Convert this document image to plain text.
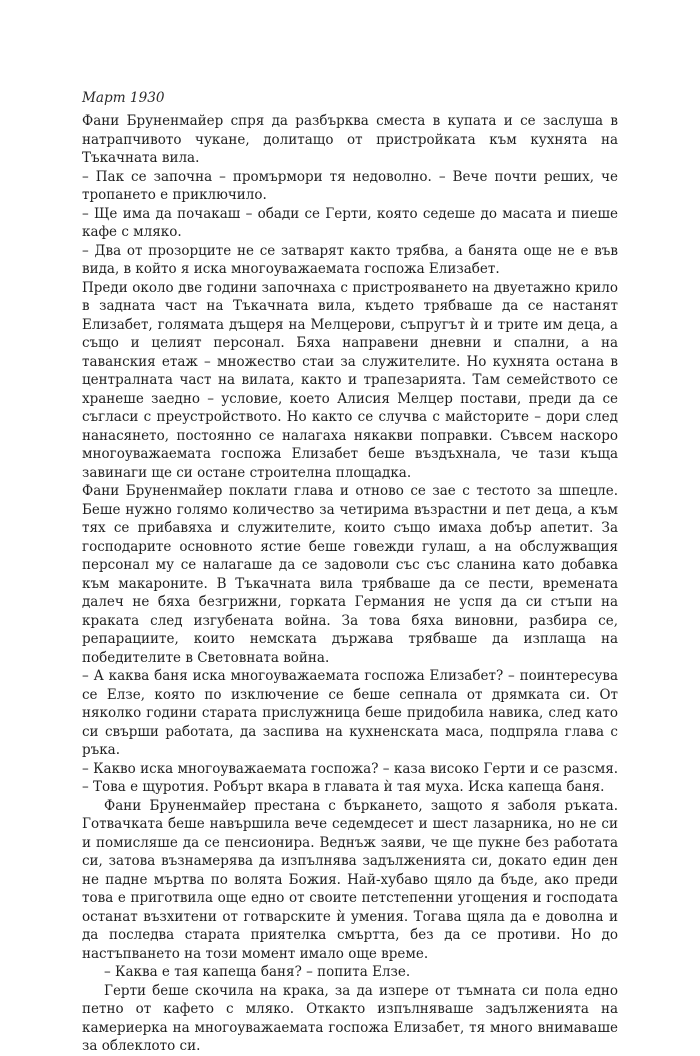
Март 1930

Фани Бруненмайер спря да разбърква сместа в купата и се заслуша в натрапчивото чукане, долитащо от пристройката към кухнята на Тъкачната вила.

– Пак се започна – промърмори тя недоволно. – Вече почти реших, че тропането е приключило.

– Ще има да почакаш – обади се Герти, която седеше до масата и пиеше кафе с мляко.

– Два от прозорците не се затварят както трябва, а банята още не е във вида, в който я иска многоуважаемата госпожа Елизабет.

Преди около две години започнаха с пристрояването на двуетажно крило в задната част на Тъкачната вила, където трябваше да се настанят Елизабет, голямата дъщеря на Мелцерови, съпругът ѝ и трите им деца, а също и целият персонал. Бяха направени дневни и спални, а на таванския етаж – множество стаи за служителите. Но кухнята остана в централната част на вилата, както и трапезарията. Там семейството се хранеше заедно – условие, което Алисия Мелцер постави, преди да се съгласи с преустройството. Но както се случва с майсторите – дори след нанасянето, постоянно се налагаха някакви поправки. Съвсем наскоро многоуважаемата госпожа Елизабет беше въздъхнала, че тази къща завинаги ще си остане строителна площадка.

Фани Бруненмайер поклати глава и отново се зае с тестото за шпецле. Беше нужно голямо количество за четирима възрастни и пет деца, а към тях се прибавяха и служителите, които също имаха добър апетит. За господарите основното ястие беше говежди гулаш, а на обслужващия персонал му се налагаше да се задоволи със със сланина като добавка към макароните. В Тъкачната вила трябваше да се пести, времената далеч не бяха безгрижни, горката Германия не успя да си стъпи на краката след изгубената война. За това бяха виновни, разбира се, репарациите, които немската държава трябваше да изплаща на победителите в Световната война.

– А каква баня иска многоуважаемата госпожа Елизабет? – поинтересува се Елзе, която по изключение се беше сепнала от дрямката си. От няколко години старата прислужница беше придобила навика, след като си свърши работата, да заспива на кухненската маса, подпряла глава с ръка.

– Какво иска многоуважаемата госпожа? – каза високо Герти и се разсмя. – Това е щуротия. Робърт вкара в главата ѝ тая муха. Иска капеща баня.

Фани Бруненмайер престана с бъркането, защото я заболя ръката. Готвачката беше навършила вече седемдесет и шест лазарника, но не си и помисляше да се пенсионира. Веднъж заяви, че ще пукне без работата си, затова възнамерява да изпълнява задълженията си, докато един ден не падне мъртва по волята Божия. Най-хубаво щяло да бъде, ако преди това е приготвила още едно от своите петстепенни угощения и господата останат възхитени от готварските ѝ умения. Тогава щяла да е доволна и да последва старата приятелка смъртта, без да се противи. Но до настъпването на този момент имало още време.

– Каква е тая капеща баня? – попита Елзе.

Герти беше скочила на крака, за да изпере от тъмната си пола едно петно от кафето с мляко. Откакто изпълняваше задълженията на камериерка на многоуважаемата госпожа Елизабет, тя много внимаваше за облеклото си.
